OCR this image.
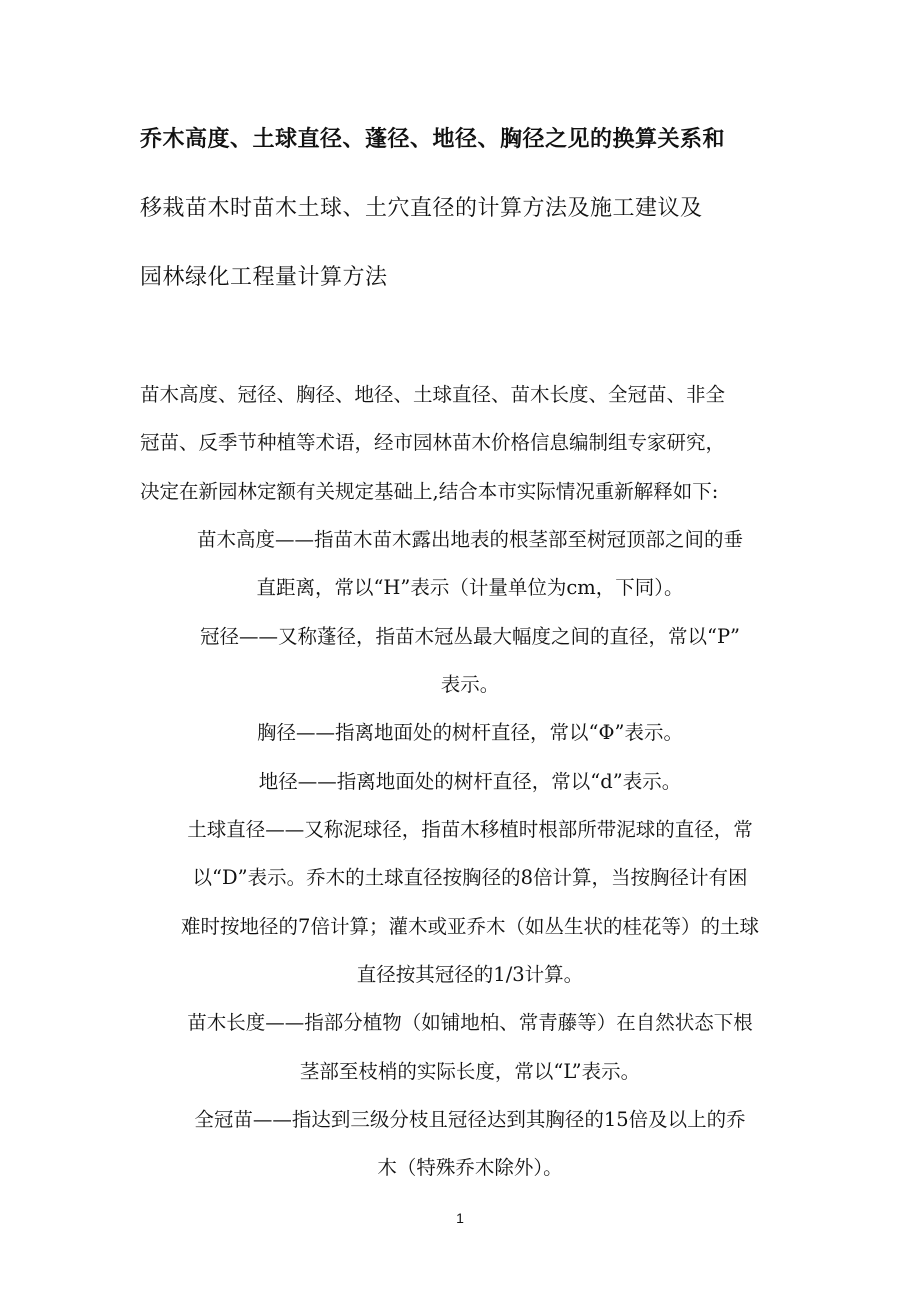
乔木高度、土球直径、蓬径、地径、胸径之见的换算关系和
移栽苗木时苗木土球、土穴直径的计算方法及施工建议及
园林绿化工程量计算方法
苗木高度、冠径、胸径、地径、土球直径、苗木长度、全冠苗、非全
冠苗、反季节种植等术语，经市园林苗木价格信息编制组专家研究，
决定在新园林定额有关规定基础上,结合本市实际情况重新解释如下:
苗木高度——指苗木苗木露出地表的根茎部至树冠顶部之间的垂
直距离，常以“H”表示（计量单位为cm，下同）。
冠径——又称蓬径，指苗木冠丛最大幅度之间的直径，常以“P”
表示。
胸径——指离地面处的树杆直径，常以“Φ”表示。
地径——指离地面处的树杆直径，常以“d”表示。
土球直径——又称泥球径，指苗木移植时根部所带泥球的直径，常
以“D”表示。乔木的土球直径按胸径的8倍计算，当按胸径计有困
难时按地径的7倍计算；灌木或亚乔木（如丛生状的桂花等）的土球
直径按其冠径的1/3计算。
苗木长度——指部分植物（如铺地柏、常青藤等）在自然状态下根
茎部至枝梢的实际长度，常以“L”表示。
全冠苗——指达到三级分枝且冠径达到其胸径的15倍及以上的乔
木（特殊乔木除外）。
1
